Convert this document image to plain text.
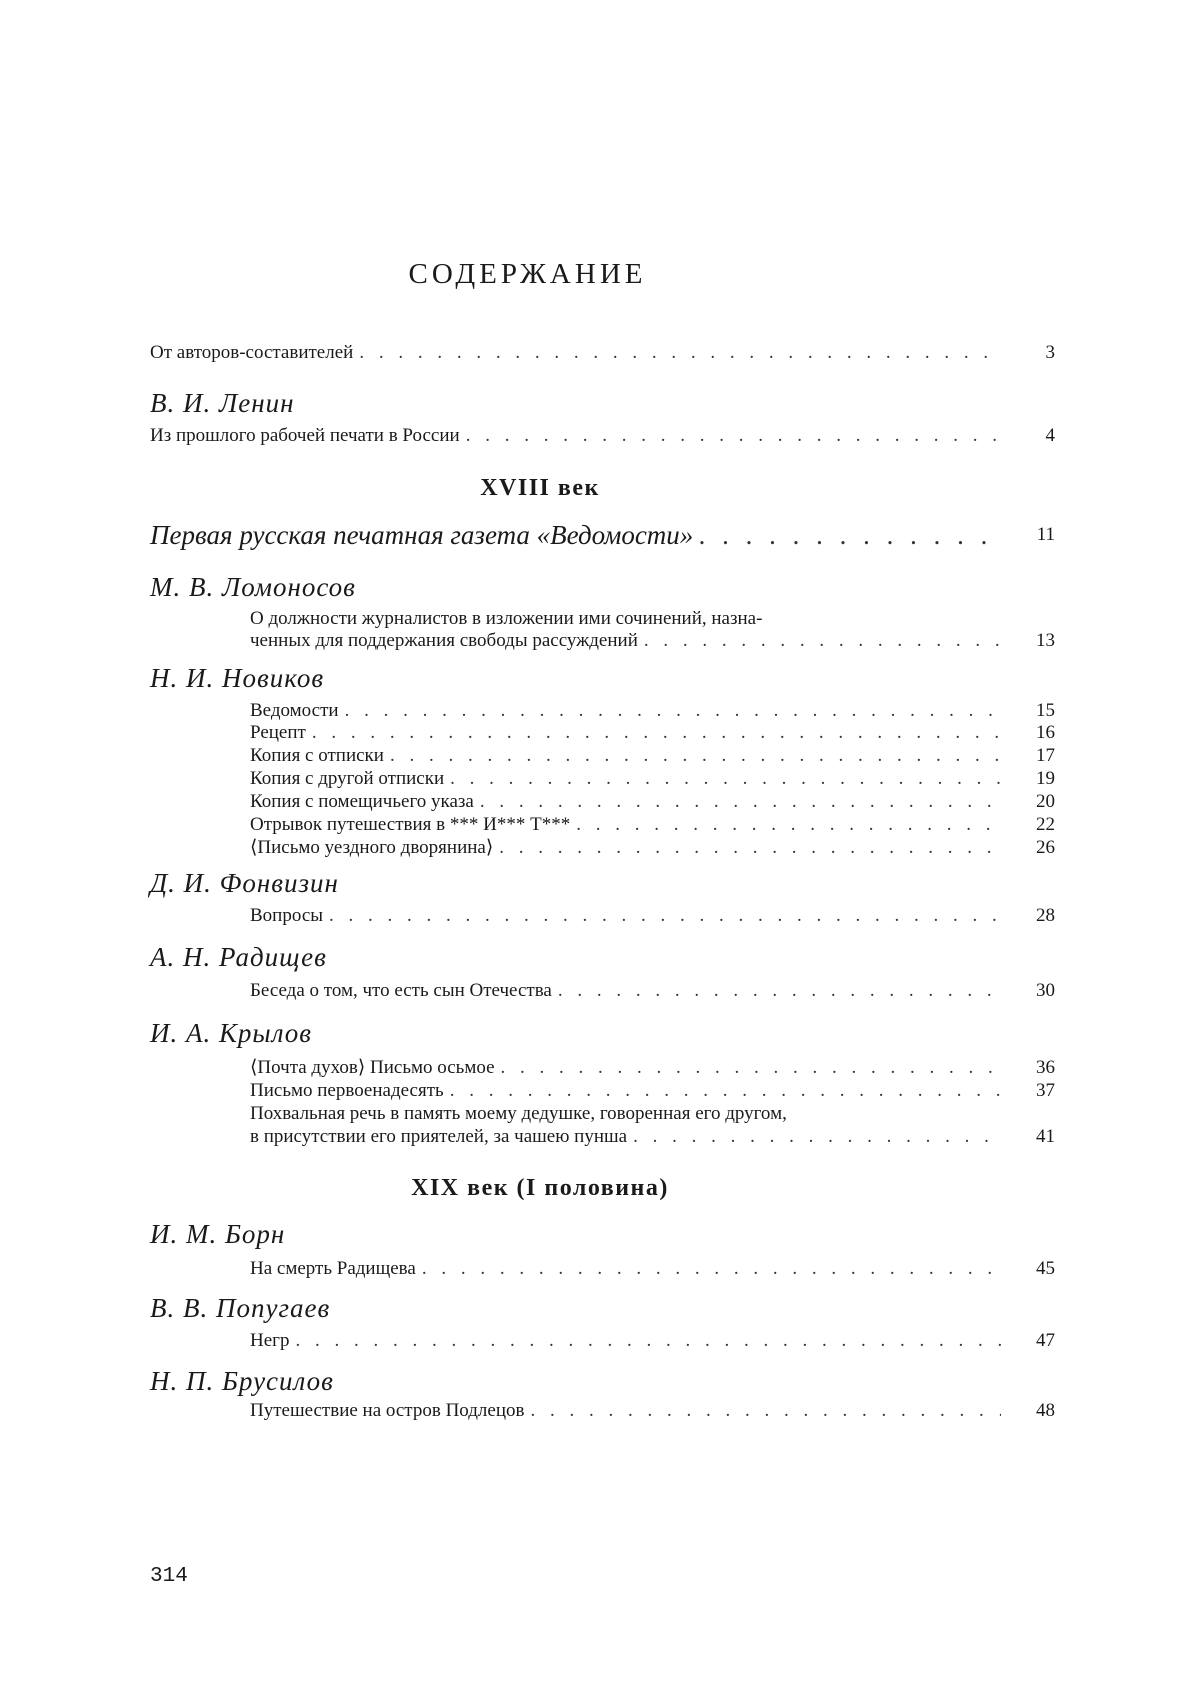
СОДЕРЖАНИЕ
От авторов-составителей . . .	3
В. И. Ленин
Из прошлого рабочей печати в России . . .	4
XVIII век
Первая русская печатная газета «Ведомости» . . .	11
М. В. Ломоносов
О должности журналистов в изложении ими сочинений, назна-
ченных для поддержания свободы рассуждений . . .	13
Н. И. Новиков
Ведомости . . .	15
Рецепт . . .	16
Копия с отписки . . .	17
Копия с другой отписки . . .	19
Копия с помещичьего указа . . .	20
Отрывок путешествия в *** И*** Т*** . . .	22
⟨Письмо уездного дворянина⟩ . . .	26
Д. И. Фонвизин
Вопросы . . .	28
А. Н. Радищев
Беседа о том, что есть сын Отечества . . .	30
И. А. Крылов
⟨Почта духов⟩ Письмо осьмое . . .	36
Письмо первоенадесять . . .	37
Похвальная речь в память моему дедушке, говоренная его другом,
в присутствии его приятелей, за чашею пунша . . .	41
XIX век (I половина)
И. М. Борн
На смерть Радищева . . .	45
В. В. Попугаев
Негр . . .	47
Н. П. Брусилов
Путешествие на остров Подлецов . . .	48
314
